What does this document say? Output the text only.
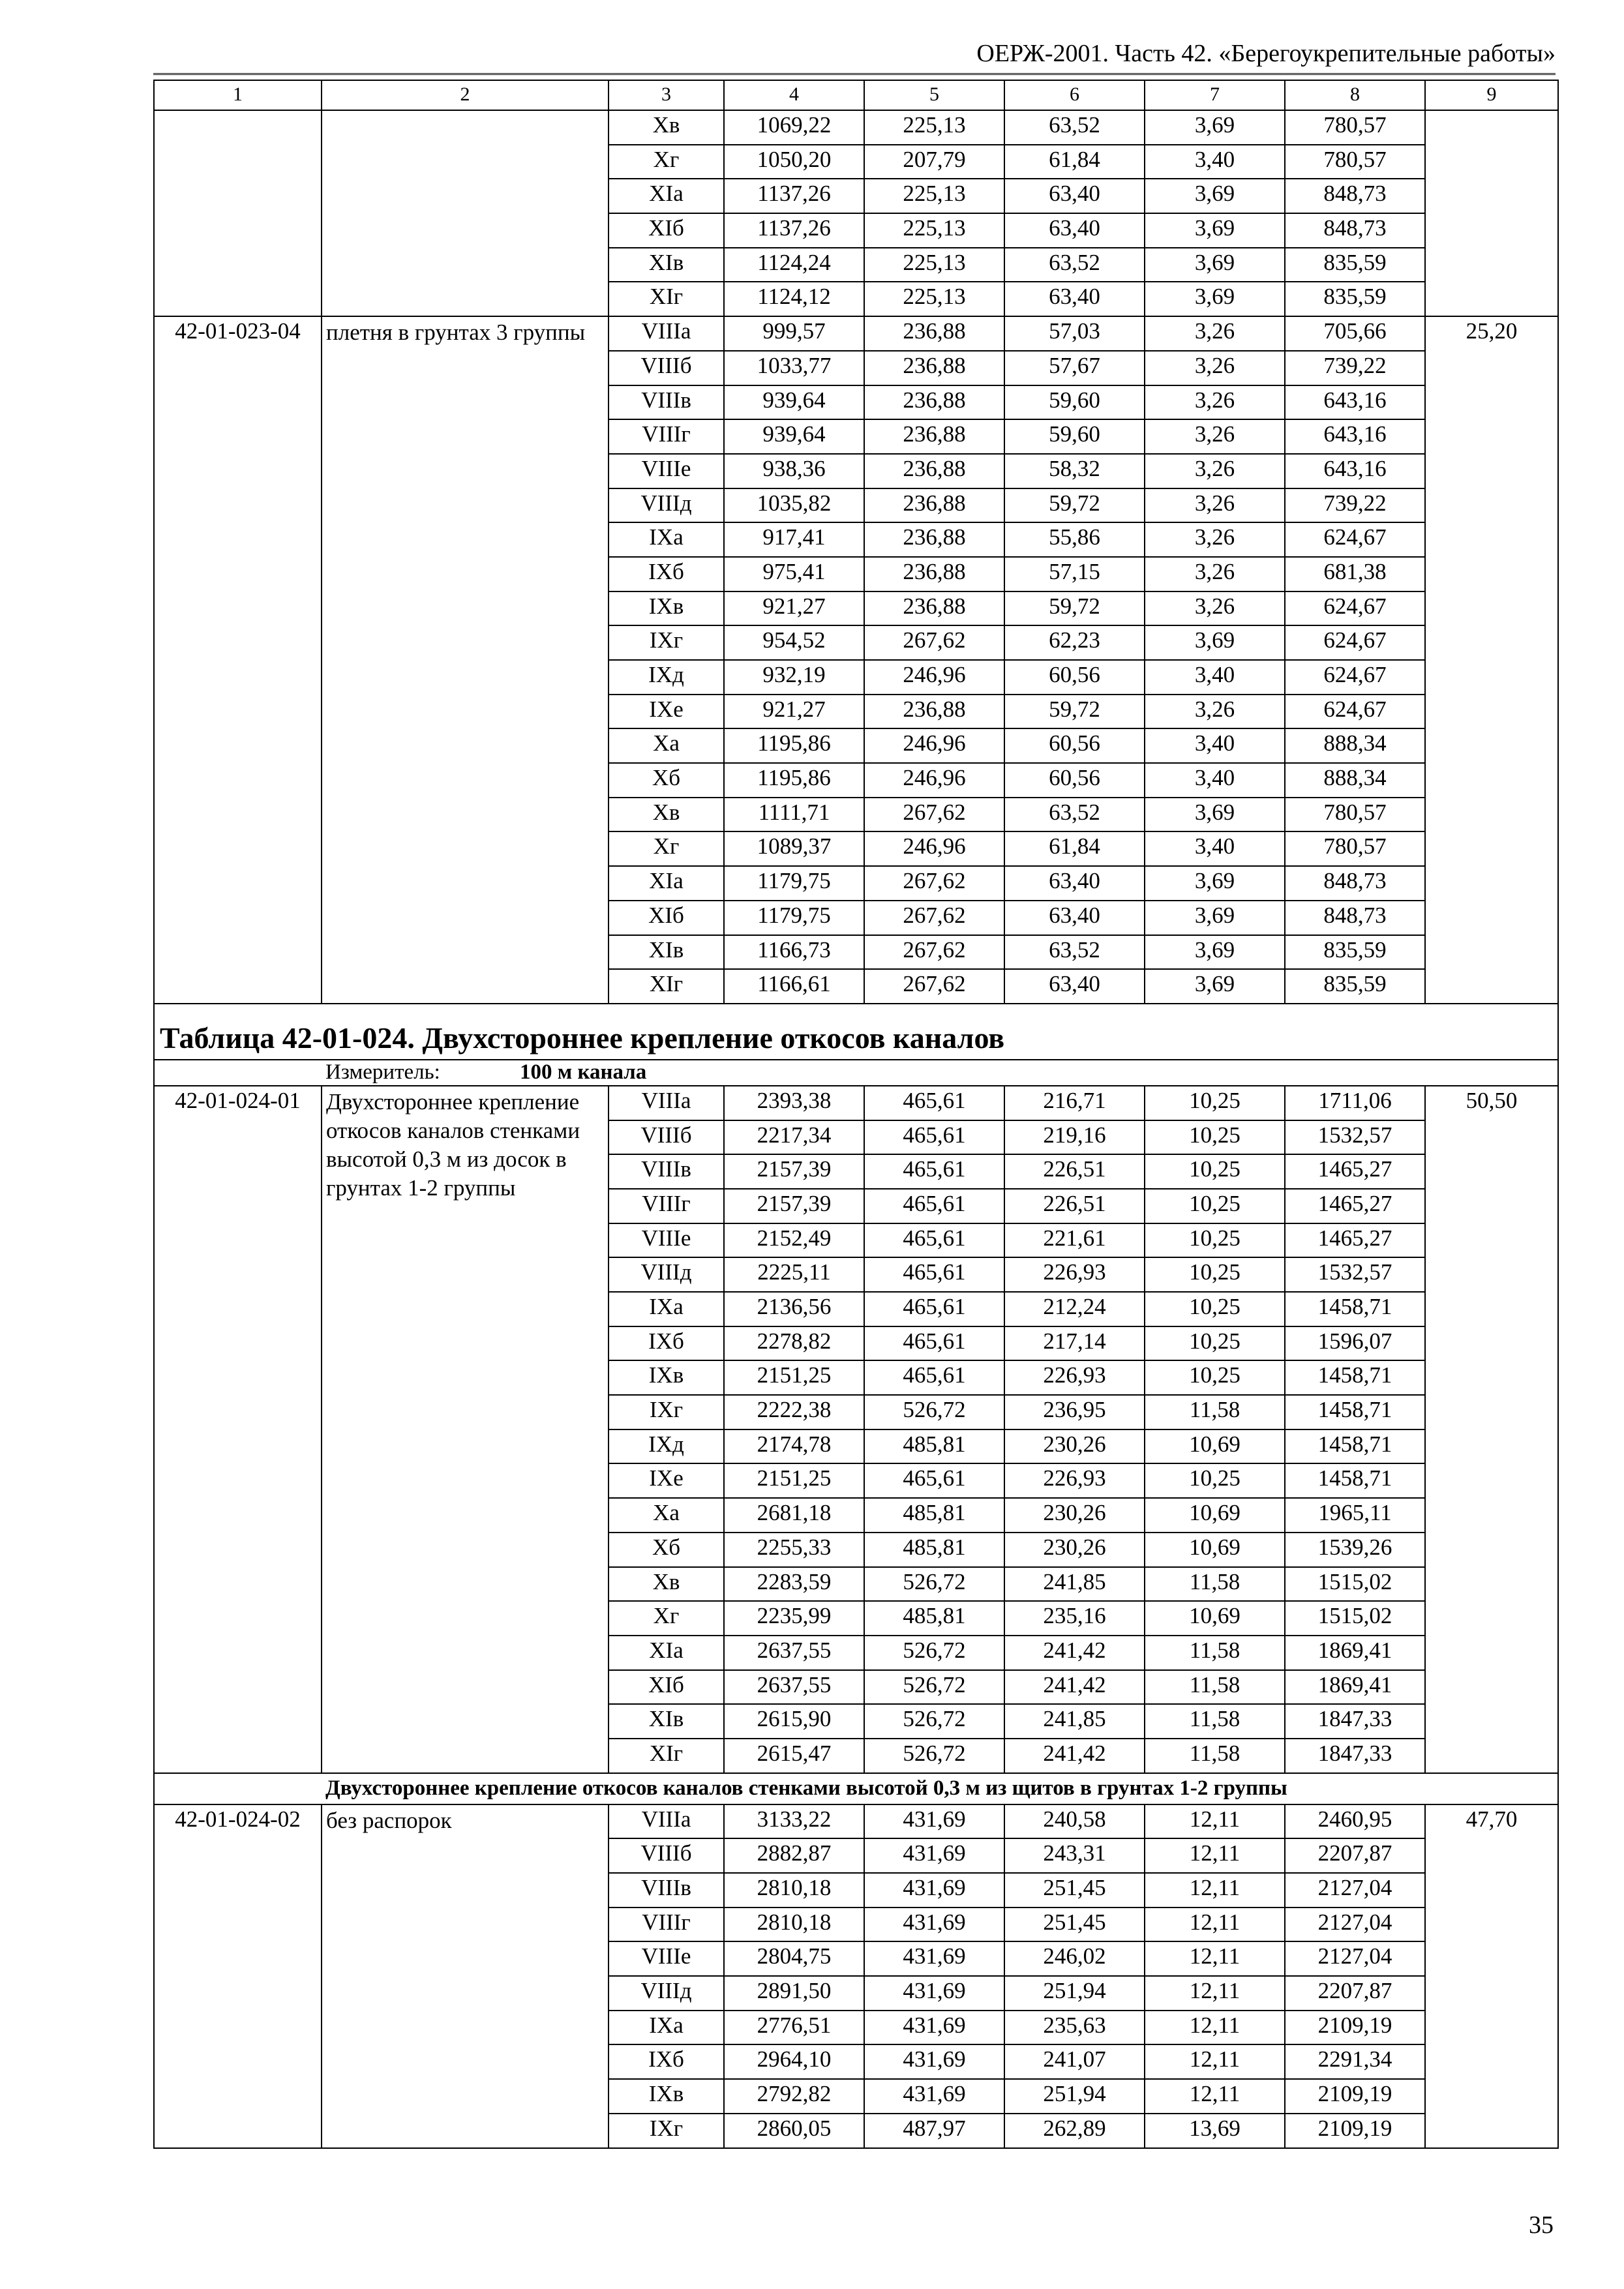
ОЕРЖ-2001. Часть 42. «Берегоукрепительные работы»
1	2	3	4	5	6	7	8	9
		Хв	1069,22	225,13	63,52	3,69	780,57	
		Хг	1050,20	207,79	61,84	3,40	780,57	
		ХIа	1137,26	225,13	63,40	3,69	848,73	
		ХIб	1137,26	225,13	63,40	3,69	848,73	
		ХIв	1124,24	225,13	63,52	3,69	835,59	
		ХIг	1124,12	225,13	63,40	3,69	835,59	
42-01-023-04	плетня в грунтах 3 группы	VIIIа	999,57	236,88	57,03	3,26	705,66	25,20
		VIIIб	1033,77	236,88	57,67	3,26	739,22	
		VIIIв	939,64	236,88	59,60	3,26	643,16	
		VIIIг	939,64	236,88	59,60	3,26	643,16	
		VIIIе	938,36	236,88	58,32	3,26	643,16	
		VIIIд	1035,82	236,88	59,72	3,26	739,22	
		IХа	917,41	236,88	55,86	3,26	624,67	
		IХб	975,41	236,88	57,15	3,26	681,38	
		IХв	921,27	236,88	59,72	3,26	624,67	
		IХг	954,52	267,62	62,23	3,69	624,67	
		IХд	932,19	246,96	60,56	3,40	624,67	
		IХе	921,27	236,88	59,72	3,26	624,67	
		Ха	1195,86	246,96	60,56	3,40	888,34	
		Хб	1195,86	246,96	60,56	3,40	888,34	
		Хв	1111,71	267,62	63,52	3,69	780,57	
		Хг	1089,37	246,96	61,84	3,40	780,57	
		ХIа	1179,75	267,62	63,40	3,69	848,73	
		ХIб	1179,75	267,62	63,40	3,69	848,73	
		ХIв	1166,73	267,62	63,52	3,69	835,59	
		ХIг	1166,61	267,62	63,40	3,69	835,59	
Таблица 42-01-024. Двухстороннее крепление откосов каналов								
	Измеритель: 100 м канала							
42-01-024-01	Двухстороннее крепление откосов каналов стенками высотой 0,3 м из досок в грунтах 1-2 группы	VIIIа	2393,38	465,61	216,71	10,25	1711,06	50,50
		VIIIб	2217,34	465,61	219,16	10,25	1532,57	
		VIIIв	2157,39	465,61	226,51	10,25	1465,27	
		VIIIг	2157,39	465,61	226,51	10,25	1465,27	
		VIIIе	2152,49	465,61	221,61	10,25	1465,27	
		VIIIд	2225,11	465,61	226,93	10,25	1532,57	
		IХа	2136,56	465,61	212,24	10,25	1458,71	
		IХб	2278,82	465,61	217,14	10,25	1596,07	
		IХв	2151,25	465,61	226,93	10,25	1458,71	
		IХг	2222,38	526,72	236,95	11,58	1458,71	
		IХд	2174,78	485,81	230,26	10,69	1458,71	
		IХе	2151,25	465,61	226,93	10,25	1458,71	
		Ха	2681,18	485,81	230,26	10,69	1965,11	
		Хб	2255,33	485,81	230,26	10,69	1539,26	
		Хв	2283,59	526,72	241,85	11,58	1515,02	
		Хг	2235,99	485,81	235,16	10,69	1515,02	
		ХIа	2637,55	526,72	241,42	11,58	1869,41	
		ХIб	2637,55	526,72	241,42	11,58	1869,41	
		ХIв	2615,90	526,72	241,85	11,58	1847,33	
		ХIг	2615,47	526,72	241,42	11,58	1847,33	
	Двухстороннее крепление откосов каналов стенками высотой 0,3 м из щитов в грунтах 1-2 группы							
42-01-024-02	без распорок	VIIIа	3133,22	431,69	240,58	12,11	2460,95	47,70
		VIIIб	2882,87	431,69	243,31	12,11	2207,87	
		VIIIв	2810,18	431,69	251,45	12,11	2127,04	
		VIIIг	2810,18	431,69	251,45	12,11	2127,04	
		VIIIе	2804,75	431,69	246,02	12,11	2127,04	
		VIIIд	2891,50	431,69	251,94	12,11	2207,87	
		IХа	2776,51	431,69	235,63	12,11	2109,19	
		IХб	2964,10	431,69	241,07	12,11	2291,34	
		IХв	2792,82	431,69	251,94	12,11	2109,19	
		IХг	2860,05	487,97	262,89	13,69	2109,19	
35
